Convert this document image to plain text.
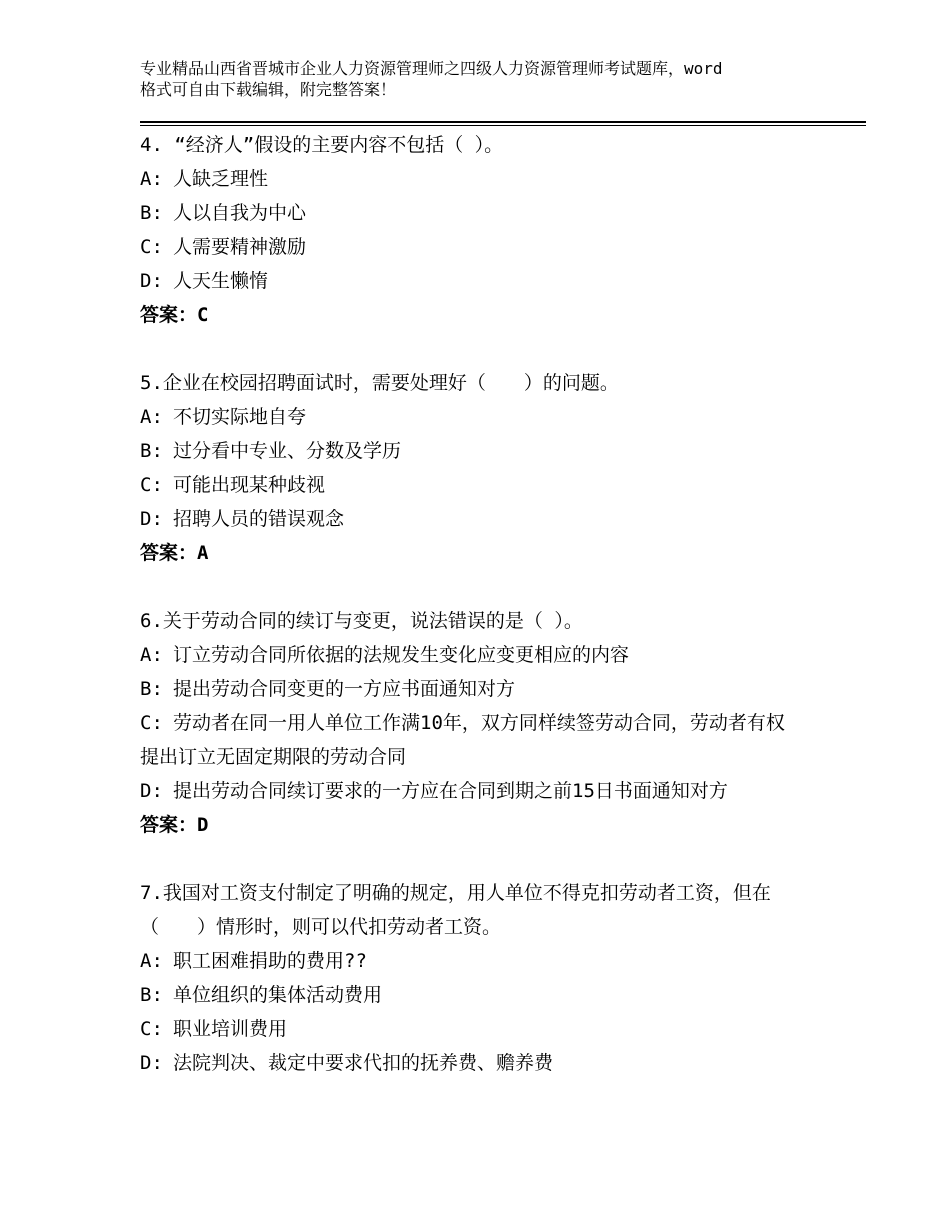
专业精品山西省晋城市企业人力资源管理师之四级人力资源管理师考试题库，word
格式可自由下载编辑，附完整答案！
4. “经济人”假设的主要内容不包括（ ）。
A: 人缺乏理性
B: 人以自我为中心
C: 人需要精神激励
D: 人天生懒惰
答案：C
5.企业在校园招聘面试时，需要处理好（　　）的问题。
A: 不切实际地自夸
B: 过分看中专业、分数及学历
C: 可能出现某种歧视
D: 招聘人员的错误观念
答案：A
6.关于劳动合同的续订与变更，说法错误的是（ ）。
A: 订立劳动合同所依据的法规发生变化应变更相应的内容
B: 提出劳动合同变更的一方应书面通知对方
C: 劳动者在同一用人单位工作满10年，双方同样续签劳动合同，劳动者有权提出订立无固定期限的劳动合同
D: 提出劳动合同续订要求的一方应在合同到期之前15日书面通知对方
答案：D
7.我国对工资支付制定了明确的规定，用人单位不得克扣劳动者工资，但在（　　）情形时，则可以代扣劳动者工资。
A: 职工困难捐助的费用??
B: 单位组织的集体活动费用
C: 职业培训费用
D: 法院判决、裁定中要求代扣的抚养费、赡养费
